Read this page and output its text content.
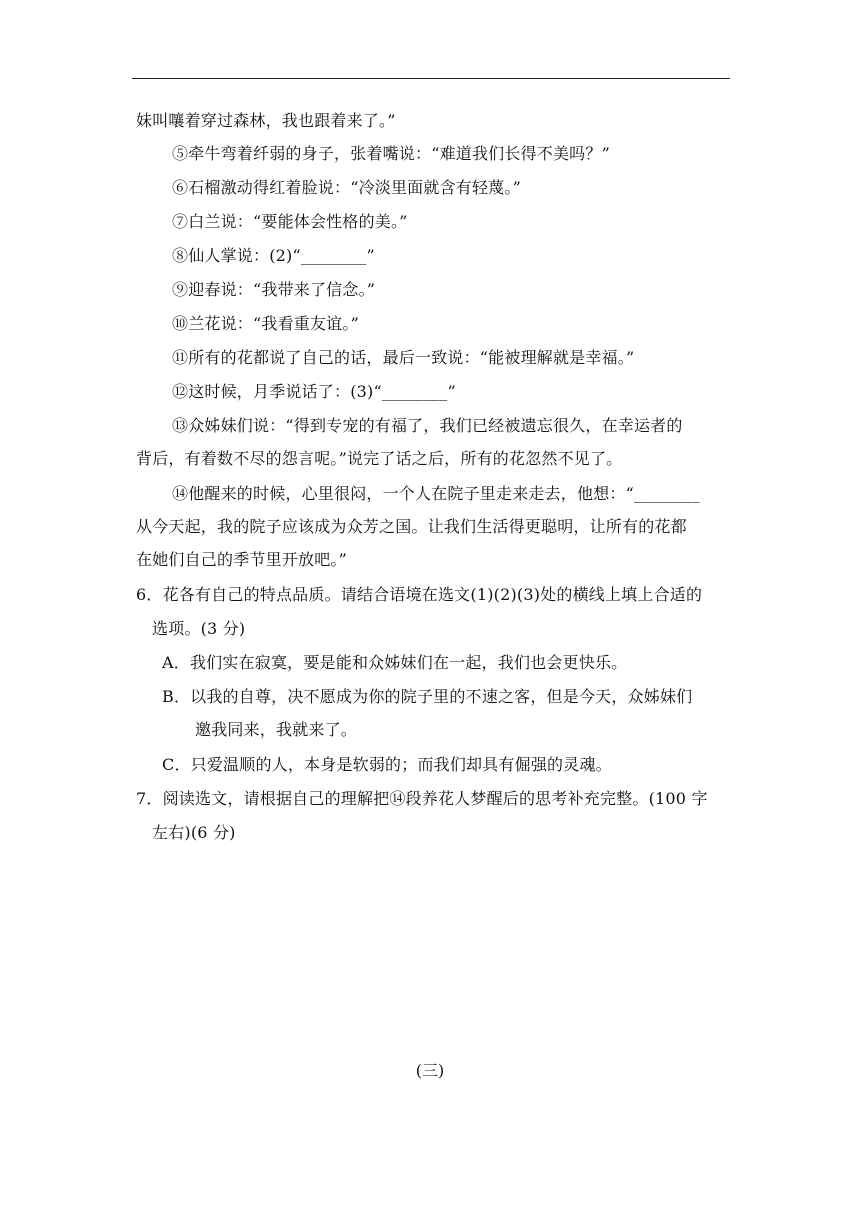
妹叫嚷着穿过森林，我也跟着来了。”
⑤牵牛弯着纤弱的身子，张着嘴说：“难道我们长得不美吗？”
⑥石榴激动得红着脸说：“冷淡里面就含有轻蔑。”
⑦白兰说：“要能体会性格的美。”
⑧仙人掌说：(2)“________”
⑨迎春说：“我带来了信念。”
⑩兰花说：“我看重友谊。”
⑪所有的花都说了自己的话，最后一致说：“能被理解就是幸福。”
⑫这时候，月季说话了：(3)“________”
⑬众姊妹们说：“得到专宠的有福了，我们已经被遗忘很久，在幸运者的
背后，有着数不尽的怨言呢。”说完了话之后，所有的花忽然不见了。
⑭他醒来的时候，心里很闷，一个人在院子里走来走去，他想：“________
从今天起，我的院子应该成为众芳之国。让我们生活得更聪明，让所有的花都
在她们自己的季节里开放吧。”
6．花各有自己的特点品质。请结合语境在选文(1)(2)(3)处的横线上填上合适的
选项。(3 分)
A．我们实在寂寞，要是能和众姊妹们在一起，我们也会更快乐。
B．以我的自尊，决不愿成为你的院子里的不速之客，但是今天，众姊妹们
邀我同来，我就来了。
C．只爱温顺的人，本身是软弱的；而我们却具有倔强的灵魂。
7．阅读选文，请根据自己的理解把⑭段养花人梦醒后的思考补充完整。(100 字
左右)(6 分)
(三)
